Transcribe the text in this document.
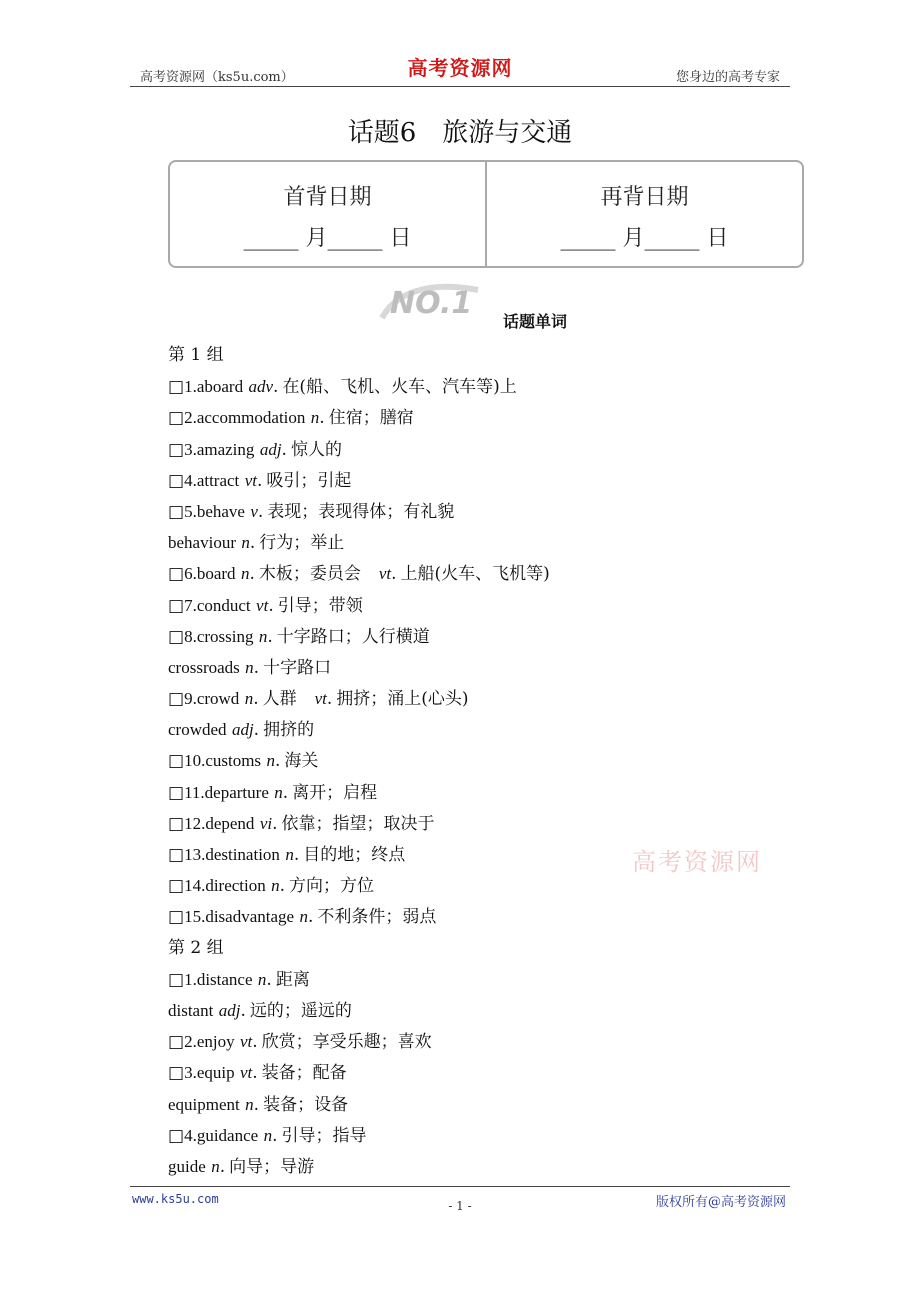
高考资源网（ks5u.com）	高考资源网	您身边的高考专家
话题6　旅游与交通
首背日期
_____ 月_____ 日
再背日期
_____ 月_____ 日
NO.1
话题单词
第 1 组
□1.aboard adv. 在(船、飞机、火车、汽车等)上
□2.accommodation n. 住宿；膳宿
□3.amazing adj. 惊人的
□4.attract vt. 吸引；引起
□5.behave v. 表现；表现得体；有礼貌
behaviour n. 行为；举止
□6.board n. 木板；委员会 vt. 上船(火车、飞机等)
□7.conduct vt. 引导；带领
□8.crossing n. 十字路口；人行横道
crossroads n. 十字路口
□9.crowd n. 人群 vt. 拥挤；涌上(心头)
crowded adj. 拥挤的
□10.customs n. 海关
□11.departure n. 离开；启程
□12.depend vi. 依靠；指望；取决于
□13.destination n. 目的地；终点
□14.direction n. 方向；方位
□15.disadvantage n. 不利条件；弱点
第 2 组
□1.distance n. 距离
distant adj. 远的；遥远的
□2.enjoy vt. 欣赏；享受乐趣；喜欢
□3.equip vt. 装备；配备
equipment n. 装备；设备
□4.guidance n. 引导；指导
guide n. 向导；导游
高考资源网
www.ks5u.com	- 1 -	版权所有@高考资源网
